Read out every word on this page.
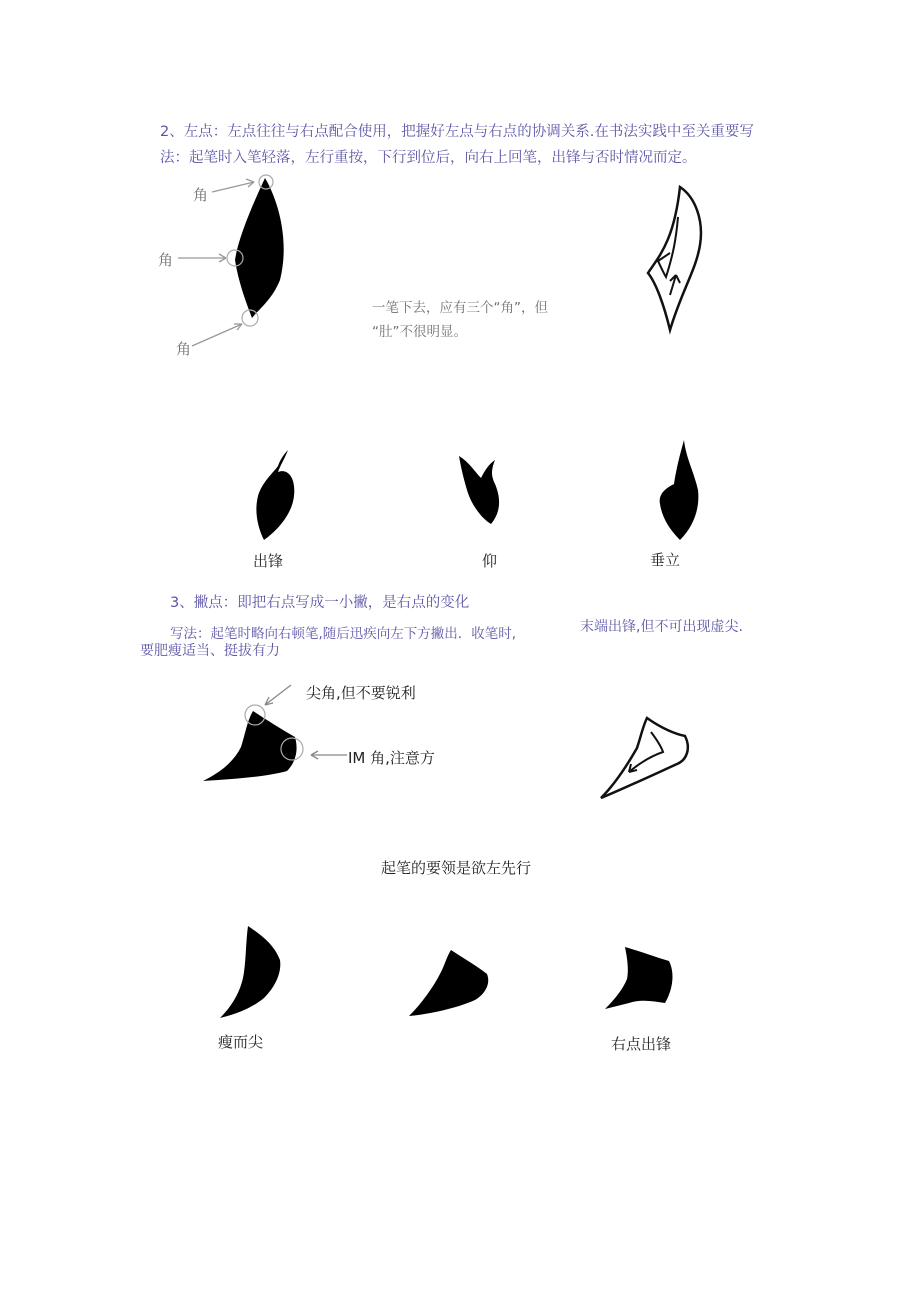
2、左点：左点往往与右点配合使用，把握好左点与右点的协调关系.在书法实践中至关重要写
法：起笔时入笔轻落，左行重按，下行到位后，向右上回笔，出锋与否时情况而定。
角
角
角
一笔下去，应有三个“角”，但
“肚”不很明显。
出锋	仰	垂立
3、撇点：即把右点写成一小撇，是右点的变化
写法：起笔时略向右顿笔,随后迅疾向左下方撇出．收笔时,
要肥瘦适当、挺拔有力
末端出锋,但不可出现虚尖.
尖角,但不要锐利
IM 角,注意方
起笔的要领是欲左先行
瘦而尖	右点出锋
